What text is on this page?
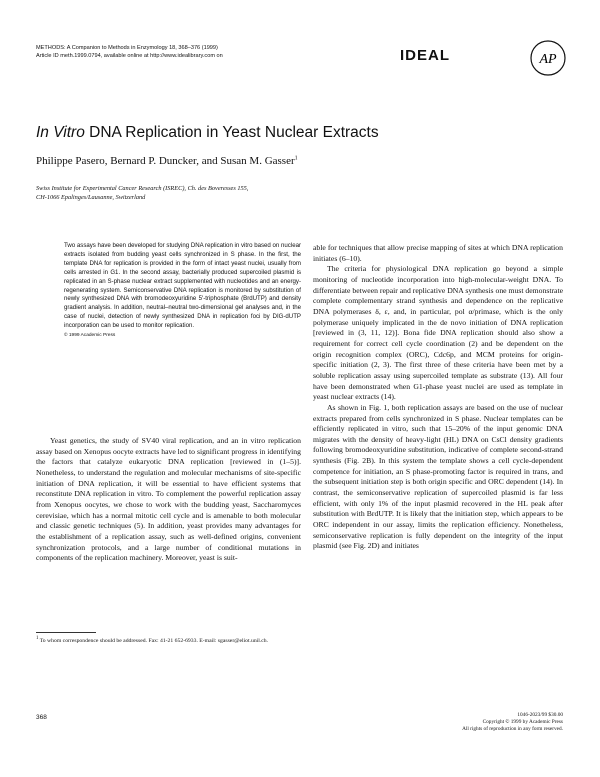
METHODS: A Companion to Methods in Enzymology 18, 368–376 (1999)
Article ID meth.1999.0794, available online at http://www.idealibrary.com on	IDEAL	AP
In Vitro DNA Replication in Yeast Nuclear Extracts
Philippe Pasero, Bernard P. Duncker, and Susan M. Gasser$^1$
Swiss Institute for Experimental Cancer Research (ISREC), Ch. des Boveresses 155,
CH-1066 Epalinges/Lausanne, Switzerland
Two assays have been developed for studying DNA replication in vitro based on nuclear extracts isolated from budding yeast cells synchronized in S phase. In the first, the template DNA for replication is provided in the form of intact yeast nuclei, usually from cells arrested in G1. In the second assay, bacterially produced supercoiled plasmid is replicated in an S-phase nuclear extract supplemented with nucleotides and an energy-regenerating system. Semiconservative DNA replication is monitored by substitution of newly synthesized DNA with bromodeoxyuridine 5′-triphosphate (BrdUTP) and density gradient analysis. In addition, neutral–neutral two-dimensional gel analyses and, in the case of nuclei, detection of newly synthesized DNA in replication foci by DIG-dUTP incorporation can be used to monitor replication.
© 1999 Academic Press

Yeast genetics, the study of SV40 viral replication, and an in vitro replication assay based on Xenopus oocyte extracts have led to significant progress in identifying the factors that catalyze eukaryotic DNA replication [reviewed in (1–5)]. Nonetheless, to understand the regulation and molecular mechanisms of site-specific initiation of DNA replication, it will be essential to have efficient systems that reconstitute DNA replication in vitro. To complement the powerful replication assay from Xenopus oocytes, we chose to work with the budding yeast, Saccharomyces cerevisiae, which has a normal mitotic cell cycle and is amenable to both molecular and classic genetic techniques (5). In addition, yeast provides many advantages for the establishment of a replication assay, such as well-defined origins, convenient synchronization protocols, and a large number of conditional mutations in components of the replication machinery. Moreover, yeast is suit-

able for techniques that allow precise mapping of sites at which DNA replication initiates (6–10).

The criteria for physiological DNA replication go beyond a simple monitoring of nucleotide incorporation into high-molecular-weight DNA. To differentiate between repair and replicative DNA synthesis one must demonstrate complete complementary strand synthesis and dependence on the replicative DNA polymerases δ, ε, and, in particular, pol α/primase, which is the only polymerase uniquely implicated in the de novo initiation of DNA replication [reviewed in (3, 11, 12)]. Bona fide DNA replication should also show a requirement for correct cell cycle coordination (2) and be dependent on the origin recognition complex (ORC), Cdc6p, and MCM proteins for origin-specific initiation (2, 3). The first three of these criteria have been met by a soluble replication assay using supercoiled template as substrate (13). All four have been demonstrated when G1-phase yeast nuclei are used as template in yeast nuclear extracts (14).

As shown in Fig. 1, both replication assays are based on the use of nuclear extracts prepared from cells synchronized in S phase. Nuclear templates can be efficiently replicated in vitro, such that 15–20% of the input genomic DNA migrates with the density of heavy-light (HL) DNA on CsCl density gradients following bromodeoxyuridine substitution, indicative of complete second-strand synthesis (Fig. 2B). In this system the template shows a cell cycle-dependent competence for initiation, an S phase-promoting factor is required in trans, and the subsequent initiation step is both origin specific and ORC dependent (14). In contrast, the semiconservative replication of supercoiled plasmid is far less efficient, with only 1% of the input plasmid recovered in the HL peak after substitution with BrdUTP. It is likely that the initiation step, which appears to be ORC independent in our assay, limits the replication efficiency. Nonetheless, semiconservative replication is fully dependent on the integrity of the input plasmid (see Fig. 2D) and initiates

$^1$ To whom correspondence should be addressed. Fax: 41-21 652-6933. E-mail: sgasser@eliot.unil.ch.
368	1046-2023/99 $30.00
Copyright © 1999 by Academic Press
All rights of reproduction in any form reserved.
